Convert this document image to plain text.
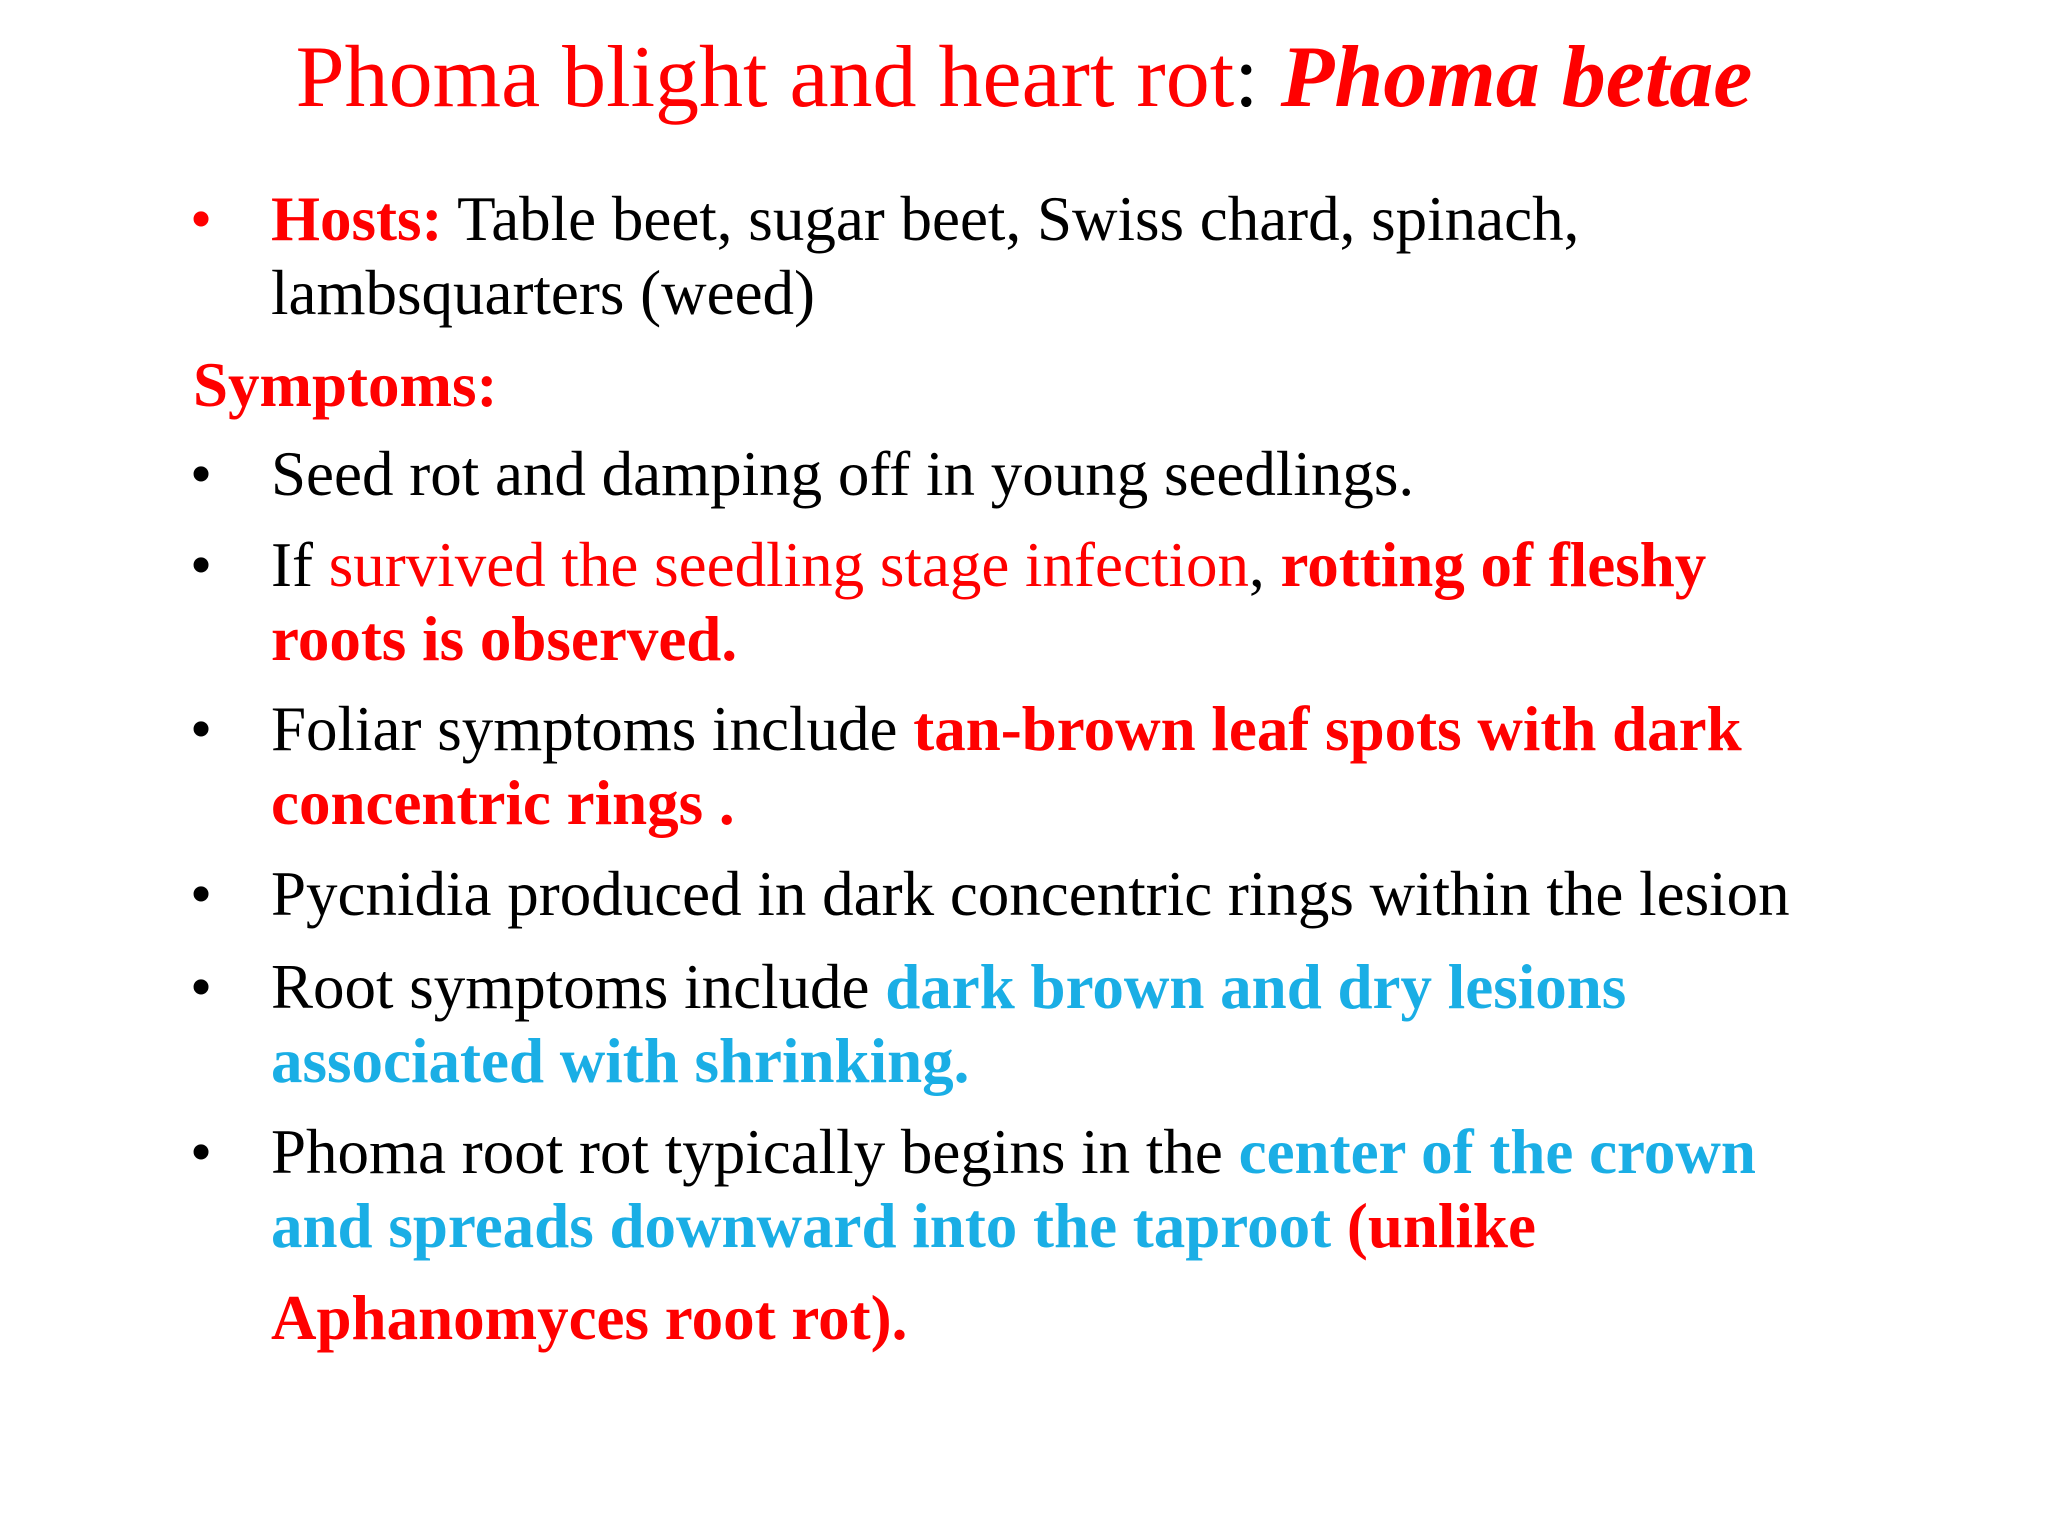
Phoma blight and heart rot: Phoma betae
• Hosts: Table beet, sugar beet, Swiss chard, spinach,
lambsquarters (weed)
Symptoms:
• Seed rot and damping off in young seedlings.
• If survived the seedling stage infection, rotting of fleshy
roots is observed.
• Foliar symptoms include tan-brown leaf spots with dark
concentric rings .
• Pycnidia produced in dark concentric rings within the lesion
• Root symptoms include dark brown and dry lesions
associated with shrinking.
• Phoma root rot typically begins in the center of the crown
and spreads downward into the taproot (unlike
Aphanomyces root rot).
